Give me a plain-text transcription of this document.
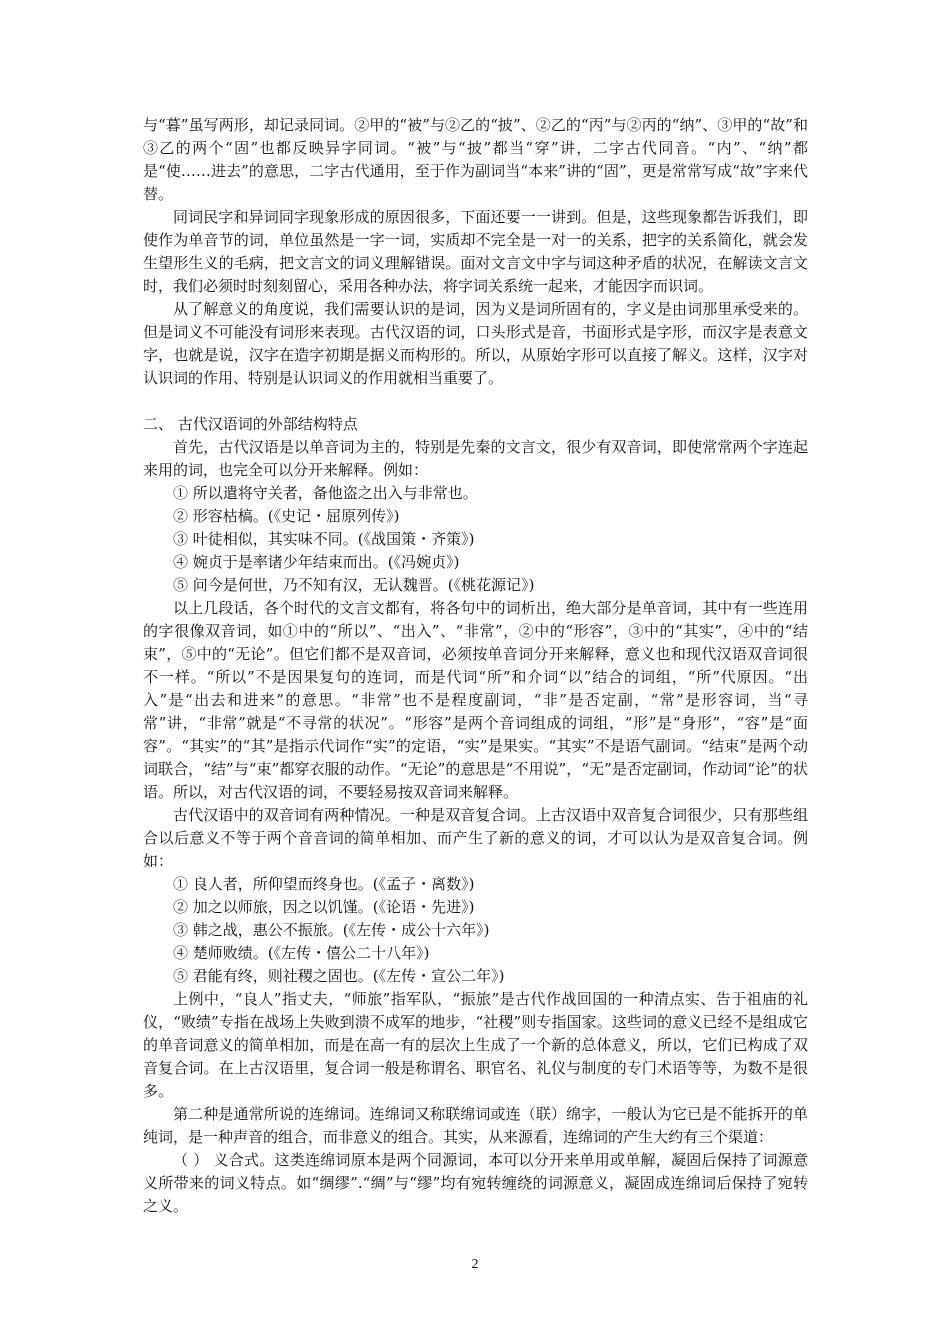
与“暮”虽写两形，却记录同词。②甲的“被”与②乙的“披”、②乙的“丙”与②丙的“纳”、③甲的“故”和③乙的两个“固”也都反映异字同词。“被”与“披”都当“穿”讲，二字古代同音。“内”、“纳”都是“使……进去”的意思，二字古代通用，至于作为副词当“本来”讲的“固”，更是常常写成“故”字来代替。

同词民字和异词同字现象形成的原因很多，下面还要一一讲到。但是，这些现象都告诉我们，即使作为单音节的词，单位虽然是一字一词，实质却不完全是一对一的关系，把字的关系简化，就会发生望形生义的毛病，把文言文的词义理解错误。面对文言文中字与词这种矛盾的状况，在解读文言文时，我们必须时时刻刻留心，采用各种办法，将字词关系统一起来，才能因字而识词。

从了解意义的角度说，我们需要认识的是词，因为义是词所固有的，字义是由词那里承受来的。但是词义不可能没有词形来表现。古代汉语的词，口头形式是音，书面形式是字形，而汉字是表意文字，也就是说，汉字在造字初期是据义而构形的。所以，从原始字形可以直接了解义。这样，汉字对认识词的作用、特别是认识词义的作用就相当重要了。

二、 古代汉语词的外部结构特点

首先，古代汉语是以单音词为主的，特别是先秦的文言文，很少有双音词，即使常常两个字连起来用的词，也完全可以分开来解释。例如：

① 所以遣将守关者，备他盗之出入与非常也。

② 形容枯槁。(《史记・屈原列传》)

③ 叶徒相似，其实味不同。(《战国策・齐策》)

④ 婉贞于是率诸少年结束而出。(《冯婉贞》)

⑤ 问今是何世，乃不知有汉，无认魏晋。(《桃花源记》)

以上几段话，各个时代的文言文都有，将各句中的词析出，绝大部分是单音词，其中有一些连用的字很像双音词，如①中的“所以”、“出入”、“非常”，②中的“形容”，③中的“其实”，④中的“结束”，⑤中的“无论”。但它们都不是双音词，必须按单音词分开来解释，意义也和现代汉语双音词很不一样。“所以”不是因果复句的连词，而是代词“所”和介词“以”结合的词组，“所”代原因。“出入”是“出去和进来”的意思。“非常”也不是程度副词，“非”是否定副，“常”是形容词，当“寻常”讲，“非常”就是“不寻常的状况”。“形容”是两个音词组成的词组，“形”是“身形”，“容”是“面容”。“其实”的“其”是指示代词作“实”的定语，“实”是果实。“其实”不是语气副词。“结束”是两个动词联合，“结”与“束”都穿衣服的动作。“无论”的意思是“不用说”，“无”是否定副词，作动词“论”的状语。所以，对古代汉语的词，不要轻易按双音词来解释。

古代汉语中的双音词有两种情况。一种是双音复合词。上古汉语中双音复合词很少，只有那些组合以后意义不等于两个音音词的简单相加、而产生了新的意义的词，才可以认为是双音复合词。例如：

① 良人者，所仰望而终身也。(《孟子・离数》)

② 加之以师旅，因之以饥馑。(《论语・先进》)

③ 韩之战，惠公不振旅。(《左传・成公十六年》)

④ 楚师败绩。(《左传・僖公二十八年》)

⑤ 君能有终，则社稷之固也。(《左传・宣公二年》)

上例中，“良人”指丈夫，“师旅”指军队，“振旅”是古代作战回国的一种清点实、告于祖庙的礼仪，“败绩”专指在战场上失败到溃不成军的地步，“社稷”则专指国家。这些词的意义已经不是组成它的单音词意义的简单相加，而是在高一有的层次上生成了一个新的总体意义，所以，它们已构成了双音复合词。在上古汉语里，复合词一般是称谓名、职官名、礼仪与制度的专门术语等等，为数不是很多。

第二种是通常所说的连绵词。连绵词又称联绵词或连（联）绵字，一般认为它已是不能拆开的单纯词，是一种声音的组合，而非意义的组合。其实，从来源看，连绵词的产生大约有三个渠道：

（ ） 义合式。这类连绵词原本是两个同源词，本可以分开来单用或单解，凝固后保持了词源意义所带来的词义特点。如“绸缪”.“绸”与“缪”均有宛转缠绕的词源意义，凝固成连绵词后保持了宛转之义。

2
